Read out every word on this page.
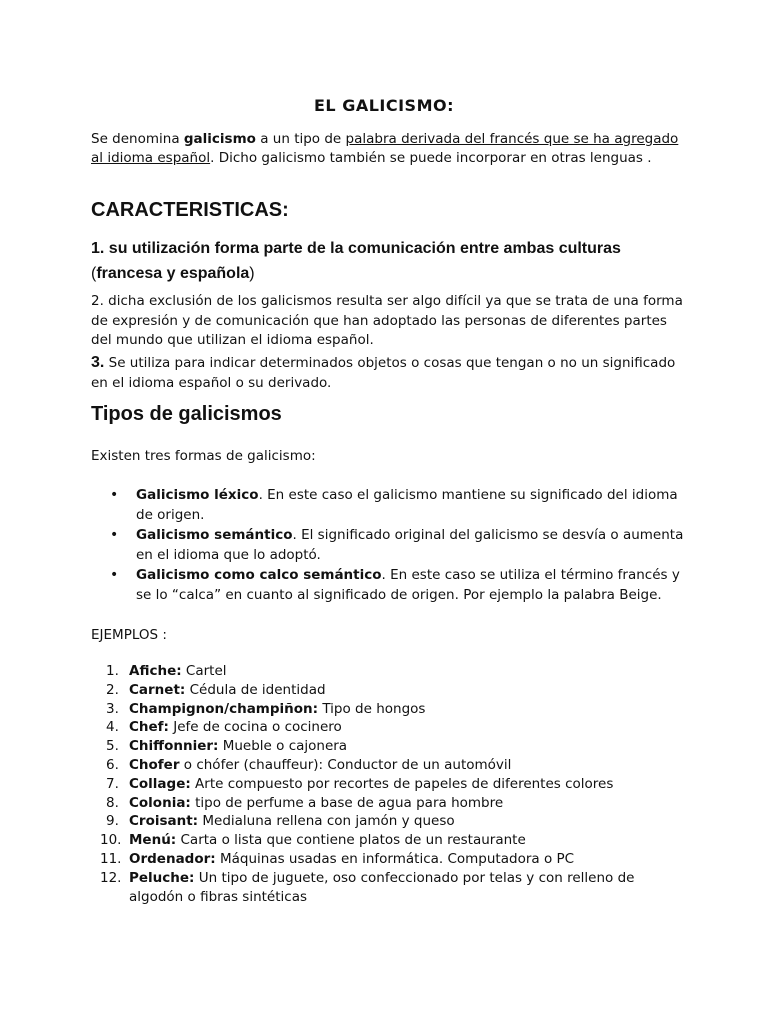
EL GALICISMO:
Se denomina galicismo a un tipo de palabra derivada del francés que se ha agregado al idioma español. Dicho galicismo también se puede incorporar en otras lenguas .
CARACTERISTICAS:
1. su utilización forma parte de la comunicación entre ambas culturas (francesa y española)
2. dicha exclusión de los galicismos resulta ser algo difícil ya que se trata de una forma de expresión y de comunicación que han adoptado las personas de diferentes partes del mundo que utilizan el idioma español.
3. Se utiliza para indicar determinados objetos o cosas que tengan o no un significado en el idioma español o su derivado.
Tipos de galicismos
Existen tres formas de galicismo:
•	Galicismo léxico. En este caso el galicismo mantiene su significado del idioma de origen.
•	Galicismo semántico. El significado original del galicismo se desvía o aumenta en el idioma que lo adoptó.
•	Galicismo como calco semántico. En este caso se utiliza el término francés y se lo “calca” en cuanto al significado de origen. Por ejemplo la palabra Beige.
EJEMPLOS :
1. Afiche: Cartel
2. Carnet: Cédula de identidad
3. Champignon/champiñon: Tipo de hongos
4. Chef: Jefe de cocina o cocinero
5. Chiffonnier: Mueble o cajonera
6. Chofer o chófer (chauffeur): Conductor de un automóvil
7. Collage: Arte compuesto por recortes de papeles de diferentes colores
8. Colonia: tipo de perfume a base de agua para hombre
9. Croisant: Medialuna rellena con jamón y queso
10. Menú: Carta o lista que contiene platos de un restaurante
11. Ordenador: Máquinas usadas en informática. Computadora o PC
12. Peluche: Un tipo de juguete, oso confeccionado por telas y con relleno de algodón o fibras sintéticas
